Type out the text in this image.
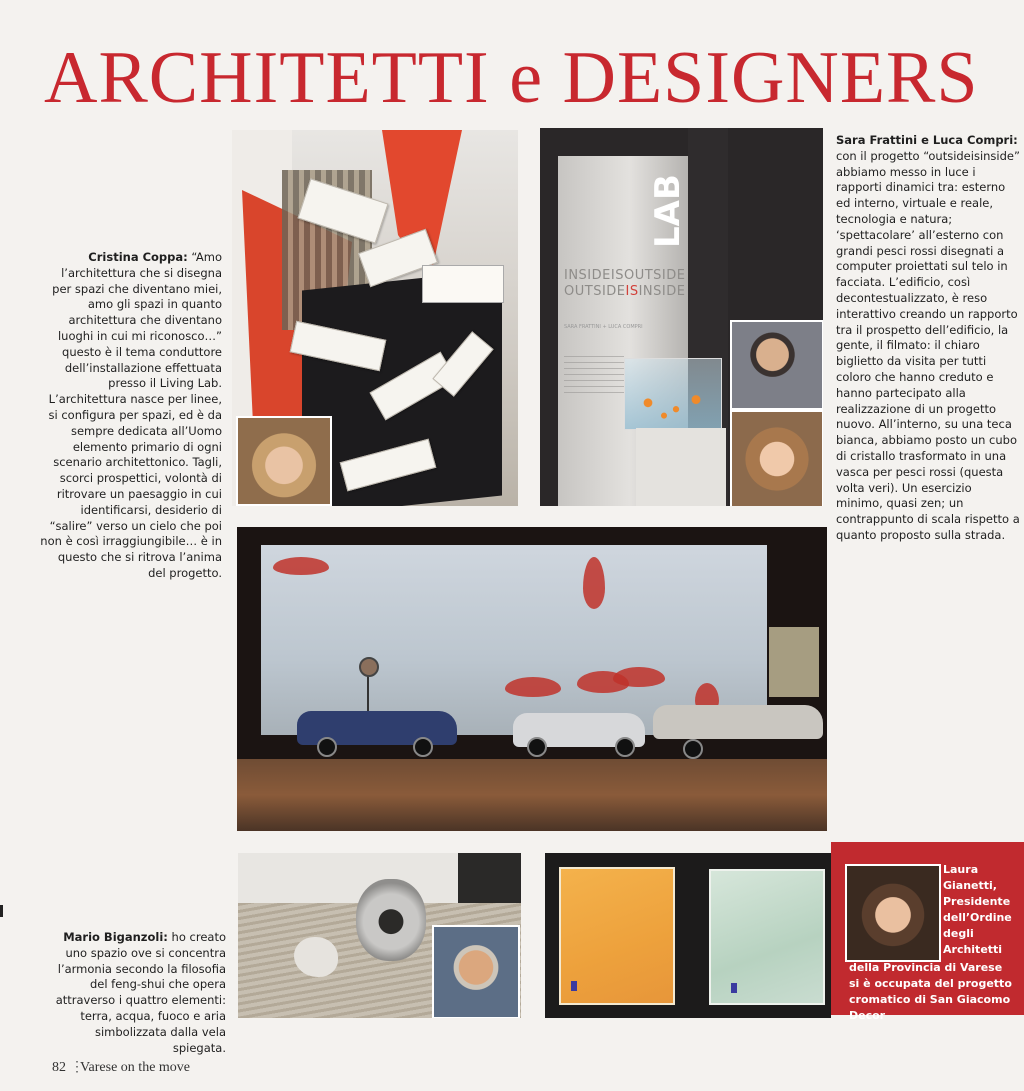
ARCHITETTI e DESIGNERS
Cristina Coppa: “Amo l’architettura che si disegna per spazi che diventano miei, amo gli spazi in quanto architettura che diventano luoghi in cui mi riconosco…” questo è il tema conduttore dell’installazione effettuata presso il Living Lab. L’architettura nasce per linee, si configura per spazi, ed è da sempre dedicata all’Uomo elemento primario di ogni scenario architettonico. Tagli, scorci prospettici, volontà di ritrovare un paesaggio in cui identificarsi, desiderio di “salire” verso un cielo che poi non è così irraggiungibile… è in questo che si ritrova l’anima del progetto.
LAB
INSIDEISOUTSIDE
OUTSIDEISINSIDE
SARA FRATTINI + LUCA COMPRI
Sara Frattini e Luca Compri: con il progetto “outsideisinside” abbiamo messo in luce i rapporti dinamici tra: esterno ed interno, virtuale e reale, tecnologia e natura; ‘spettacolare’ all’esterno con grandi pesci rossi disegnati a computer proiettati sul telo in facciata. L’edificio, così decontestualizzato, è reso interattivo creando un rapporto tra il prospetto dell’edificio, la gente, il filmato: il chiaro biglietto da visita per tutti coloro che hanno creduto e hanno partecipato alla realizzazione di un progetto nuovo. All’interno, su una teca bianca, abbiamo posto un cubo di cristallo trasformato in una vasca per pesci rossi (questa volta veri). Un esercizio minimo, quasi zen; un contrappunto di scala rispetto a quanto proposto sulla strada.
Mario Biganzoli: ho creato uno spazio ove si concentra l’armonia secondo la filosofia del feng-shui che opera attraverso i quattro elementi: terra, acqua, fuoco e aria simbolizzata dalla vela spiegata.
Laura
Gianetti,
Presidente
dell’Ordine
degli
Architetti
della Provincia di Varese
si è occupata del progetto
cromatico di San Giacomo Decor
82 ⋮Varese on the move
